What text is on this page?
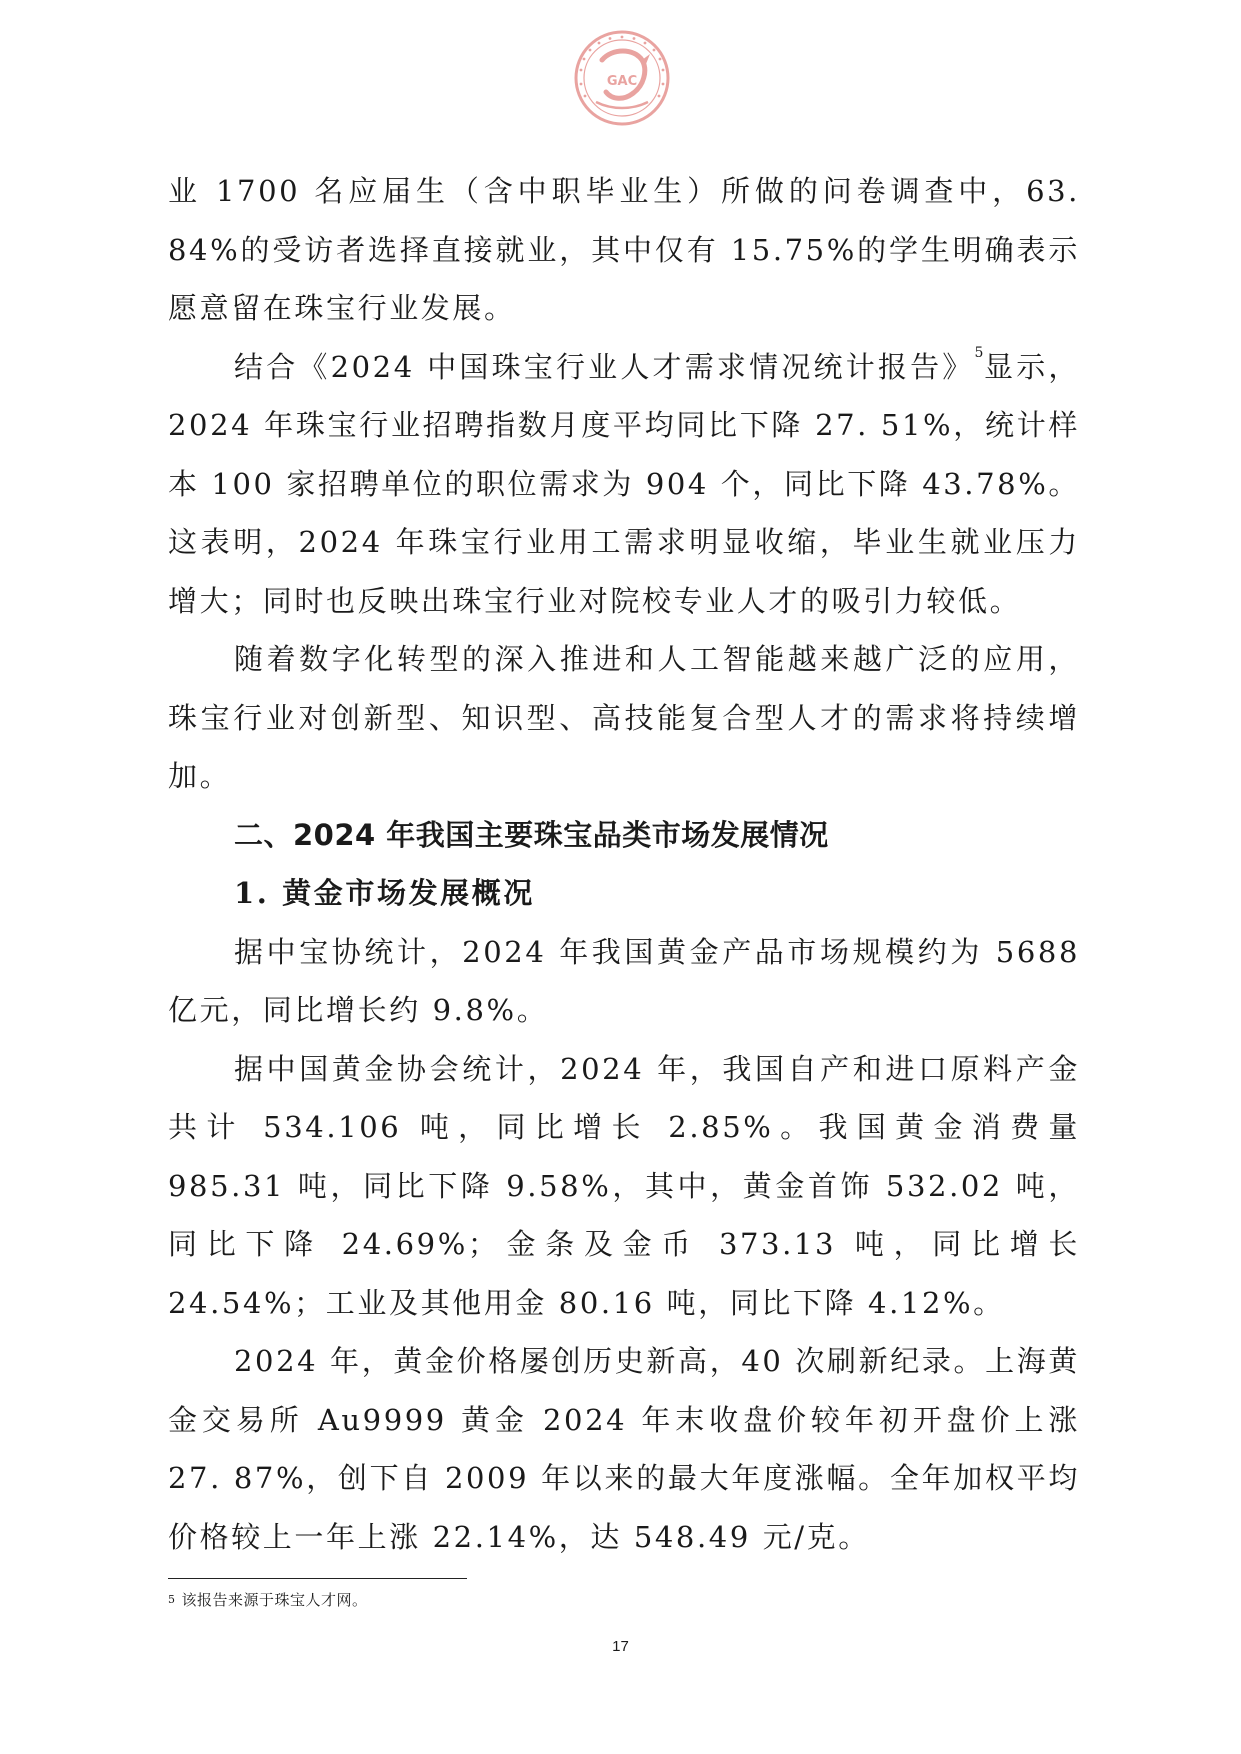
GAC

业 1700 名应届生（含中职毕业生）所做的问卷调查中，63. 84%的受访者选择直接就业，其中仅有 15.75%的学生明确表示愿意留在珠宝行业发展。

结合《2024 中国珠宝行业人才需求情况统计报告》$^5$显示，2024 年珠宝行业招聘指数月度平均同比下降 27. 51%，统计样本 100 家招聘单位的职位需求为 904 个，同比下降 43.78%。这表明，2024 年珠宝行业用工需求明显收缩，毕业生就业压力增大；同时也反映出珠宝行业对院校专业人才的吸引力较低。

随着数字化转型的深入推进和人工智能越来越广泛的应用，珠宝行业对创新型、知识型、高技能复合型人才的需求将持续增加。

二、2024 年我国主要珠宝品类市场发展情况
1. 黄金市场发展概况

据中宝协统计，2024 年我国黄金产品市场规模约为 5688 亿元，同比增长约 9.8%。

据中国黄金协会统计，2024 年，我国自产和进口原料产金共计 534.106 吨，同比增长 2.85%。我国黄金消费量 985.31 吨，同比下降 9.58%，其中，黄金首饰 532.02 吨，同比下降 24.69%；金条及金币 373.13 吨，同比增长 24.54%；工业及其他用金 80.16 吨，同比下降 4.12%。

2024 年，黄金价格屡创历史新高，40 次刷新纪录。上海黄金交易所 Au9999 黄金 2024 年末收盘价较年初开盘价上涨 27. 87%，创下自 2009 年以来的最大年度涨幅。全年加权平均价格较上一年上涨 22.14%，达 548.49 元/克。

$^5$ 该报告来源于珠宝人才网。
17
